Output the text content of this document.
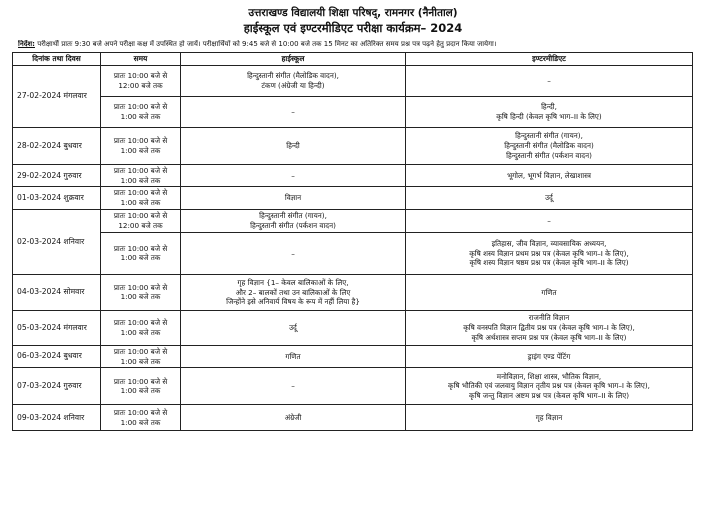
उत्तराखण्ड विद्यालयी शिक्षा परिषद्, रामनगर (नैनीताल)
हाईस्कूल एवं इण्टरमीडिएट परीक्षा कार्यक्रम– 2024
निर्देश: परीक्षार्थी प्रातः 9:30 बजे अपने परीक्षा कक्ष में उपस्थित हो जायें। परीक्षार्थियों को 9:45 बजे से 10:00 बजे तक 15 मिनट का अतिरिक्त समय प्रश्न पत्र पढ़ने हेतु प्रदान किया जायेगा।
दिनांक तथा दिवस	समय	हाईस्कूल	इण्टरमीडिएट
27-02-2024 मंगलवार	प्रातः 10:00 बजे से
12:00 बजे तक	हिन्दुस्तानी संगीत (मैलोडिक वादन),
टंकण (अंग्रेजी या हिन्दी)	–

	प्रातः 10:00 बजे से
1:00 बजे तक	–	हिन्दी,
कृषि हिन्दी (केवल कृषि भाग–II के लिए)

28-02-2024 बुधवार	प्रातः 10:00 बजे से
1:00 बजे तक	हिन्दी	हिन्दुस्तानी संगीत (गायन),
हिन्दुस्तानी संगीत (मैलोडिक वादन)
हिन्दुस्तानी संगीत (पर्कशन वादन)

29-02-2024 गुरुवार	प्रातः 10:00 बजे से
1:00 बजे तक	–	भूगोल, भूगर्भ विज्ञान, लेखाशास्त्र

01-03-2024 शुक्रवार	प्रातः 10:00 बजे से
1:00 बजे तक	विज्ञान	उर्दू

02-03-2024 शनिवार	प्रातः 10:00 बजे से
12:00 बजे तक	हिन्दुस्तानी संगीत (गायन),
हिन्दुस्तानी संगीत (पर्कशन वादन)	–

	प्रातः 10:00 बजे से
1:00 बजे तक	–	इतिहास, जीव विज्ञान, व्यावसायिक अध्ययन,
कृषि शस्य विज्ञान प्रथम प्रश्न पत्र (केवल कृषि भाग–I के लिए),
कृषि शस्य विज्ञान षष्ठम प्रश्न पत्र (केवल कृषि भाग–II के लिए)

04-03-2024 सोमवार	प्रातः 10:00 बजे से
1:00 बजे तक	गृह विज्ञान {1– केवल बालिकाओं के लिए,
और 2– बालकों तथा उन बालिकाओं के लिए
जिन्होंने इसे अनिवार्य विषय के रूप में नहीं लिया है}	गणित

05-03-2024 मंगलवार	प्रातः 10:00 बजे से
1:00 बजे तक	उर्दू	राजनीति विज्ञान
कृषि वनस्पति विज्ञान द्वितीय प्रश्न पत्र (केवल कृषि भाग–I के लिए),
कृषि अर्थशास्त्र सप्तम प्रश्न पत्र (केवल कृषि भाग–II के लिए)

06-03-2024 बुधवार	प्रातः 10:00 बजे से
1:00 बजे तक	गणित	ड्राइंग एण्ड पेंटिंग

07-03-2024 गुरुवार	प्रातः 10:00 बजे से
1:00 बजे तक	–	मनोविज्ञान, शिक्षा शास्त्र, भौतिक विज्ञान,
कृषि भौतिकी एवं जलवायु विज्ञान तृतीय प्रश्न पत्र (केवल कृषि भाग–I के लिए),
कृषि जन्तु विज्ञान अष्टम प्रश्न पत्र (केवल कृषि भाग–II के लिए)

09-03-2024 शनिवार	प्रातः 10:00 बजे से
1:00 बजे तक	अंग्रेजी	गृह विज्ञान
